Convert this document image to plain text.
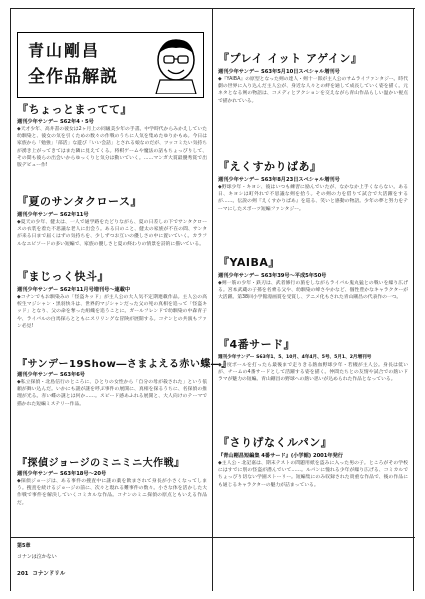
青山剛昌
全作品解説
『ちょっとまってて』
週刊少年サンデー S62年4・5号
◆天才少年、高井書の彼女は2ヶ月上の同級美少年の手書。中学時代からみかえしていた幼馴染と、彼女の気を引くための数々の作戦のうちに人気を集めたゆりかもめ。今日は家族から「勉強」「部活」な遊び「いい会話」とされる娘なのだが、ツッコミたい気持ちが湧き上がってきてはまた隣に見えてくる。将棋ゲームや魔法の話もちょっぴりして、その間も彼らの出会いからゆっくりと気分は動いていく。……マンガ大賞最優秀賞で出版デビュー作!
『夏のサンタクロース』
週刊少年サンデー S62年11号
◆夏天の少年、健太は、一人で通学路をたどりながら、夏の日差しの下でサンタクロースの衣装を着た不思議な老人に出会う。ある日のこと、健太の家族が不在の間、サンタが来る日まで届くはずの気持ちを、少しずつお互いの優しさの中に置いていく。カラフルなエピソードの多い短編で、家族の優しさと夏の終わりの情景を詩的に描いている。
『まじっく快斗』
週刊少年サンデー S62年11月号増刊号～連載中
◆コナンでもお馴染みの「怪盗キッド」が主人公の大人気不定期連載作品。主人公の高校生マジシャン・黒羽快斗は、世界的マジシャンだった父の死の真相を追って「怪盗キッド」となり、父の命を奪った組織を追うことに。ガールフレンドで幼馴染の中森青子や、ライバルの白馬探らとともにスリリングな冒険が展開する。コナンとの共演もファン必見!
『サンデー19Show―さまよえる赤い蝶―』
週刊少年サンデー S63年6号
◆私立探偵・北島信行のところに、ひとりの女性から「自分の母が殺された」という依頼が舞い込んだ。いかにも謎が謎を呼ぶ事件の展開に、真相を探るうちに、名探偵の推理が光る。赤い蝶の謎とは何か……。スピード感あふれる展開と、大人向けのテーマで描かれた短編ミステリー作品。
『探偵ジョージのミニミニ大作戦』
週刊少年サンデー S63年18号～20号
◆探偵ジョージは、ある事件の捜査中に謎の薬を飲まされて身長が小さくなってしまう。捜査を続けるジョージの前に、次々と現れる難事件の数々。小さな体を活かした大作戦で事件を解決していくコミカルな作品。コナンのミニ探偵の原点ともいえる作品だ。
『プレイ イット アゲイン』
週刊少年サンデー S63年5月10日スペシャル増刊号
◆『YAIBA』の原型となった剣の達人・剣十一郎が主人公のサムライファンタジー。時代劇の世界に入り込んだ主人公が、身近な人々との絆を通して成長していく姿を描く。元ネタとなる剣の物語は、コメディとアクションを交えながら青山作品らしい温かい視点で描かれている。
『えくすかりばあ』
週刊少年サンデー S63年8月23日スペシャル増刊号
◆野球少年・キヨシ、彼はいつも練習に励んでいたが、なかなか上手くならない。ある日、キヨシは町外れで不思議な剣を拾う。その剣の力を借りて試合で大活躍をするが……。伝説の剣『えくすかりばあ』を巡る、笑いと感動の物語。少年の夢と努力をテーマにしたスポーツ短編ファンタジー。
『YAIBA』
週刊少年サンデー S63年39号～平成5年50号
◆剣一筋の少年・鉄刃は、武者修行の旅をしながらライバル鬼丸猛との戦いを繰り広げる。宮本武蔵の子孫を名乗る父や、幼馴染の峰さやかなど、個性豊かなキャラクターが大活躍。第38回小学館漫画賞を受賞し、アニメ化もされた青山剛昌の代表作の一つ。
『4番サード』
週刊少年サンデー S63年1、5、10月、4年4月、5号、5月1、2月増刊号
◆一度ボールを打ったら最後まで走りきる熱血野球少年・若槻が主人公。身長は低いが、チームの4番サードとして活躍する姿を描く。仲間たちとの友情や試合での熱いドラマが魅力の短編。青山剛昌の野球への熱い思いが込められた作品となっている。
『さりげなくルパン』
『青山剛昌短編集 4番サード』(小学館) 2001年発行
◆主人公・北記嘉は、期末テストの問題用紙を盗みに入った男の子。ところがその学校にはすでに別の怪盗が潜んでいて……。ルパンに憧れる少年が繰り広げる、コミカルでちょっぴり切ない学園ストーリー。短編集にのみ収録された貴重な作品で、後の作品にも通じるキャラクターの魅力が詰まっている。
第5章
コナンは泣かない
201 コナンドリル
